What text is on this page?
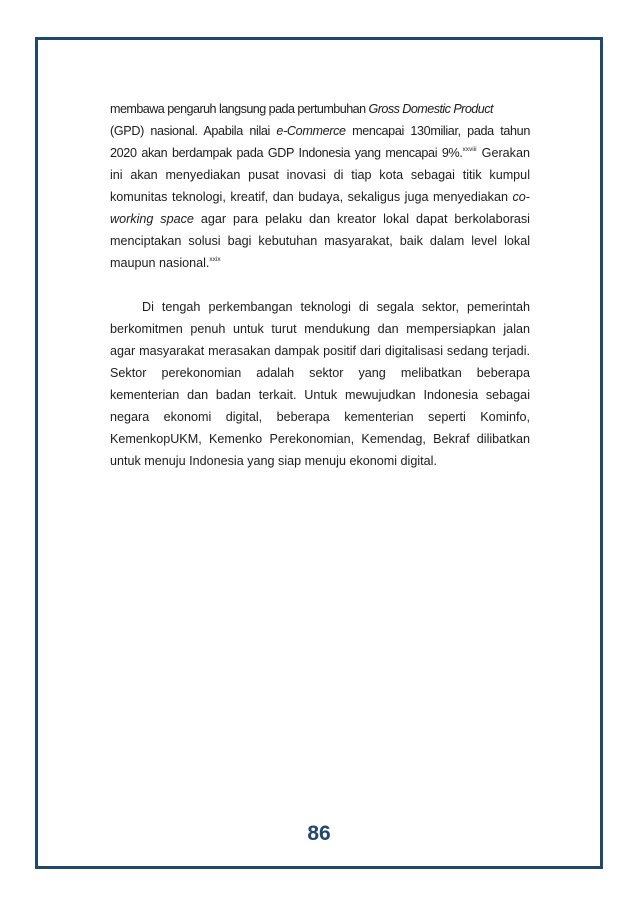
membawa pengaruh langsung pada pertumbuhan Gross Domestic Product
(GPD) nasional. Apabila nilai e-Commerce mencapai 130miliar, pada tahun 2020 akan berdampak pada GDP Indonesia yang mencapai 9%.$^{xxviii}$ Gerakan ini akan menyediakan pusat inovasi di tiap kota sebagai titik kumpul komunitas teknologi, kreatif, dan budaya, sekaligus juga menyediakan co-working space agar para pelaku dan kreator lokal dapat berkolaborasi menciptakan solusi bagi kebutuhan masyarakat, baik dalam level lokal maupun nasional.$^{xxix}$

Di tengah perkembangan teknologi di segala sektor, pemerintah berkomitmen penuh untuk turut mendukung dan mempersiapkan jalan agar masyarakat merasakan dampak positif dari digitalisasi sedang terjadi. Sektor perekonomian adalah sektor yang melibatkan beberapa kementerian dan badan terkait. Untuk mewujudkan Indonesia sebagai negara ekonomi digital, beberapa kementerian seperti Kominfo, KemenkopUKM, Kemenko Perekonomian, Kemendag, Bekraf dilibatkan untuk menuju Indonesia yang siap menuju ekonomi digital.

86
